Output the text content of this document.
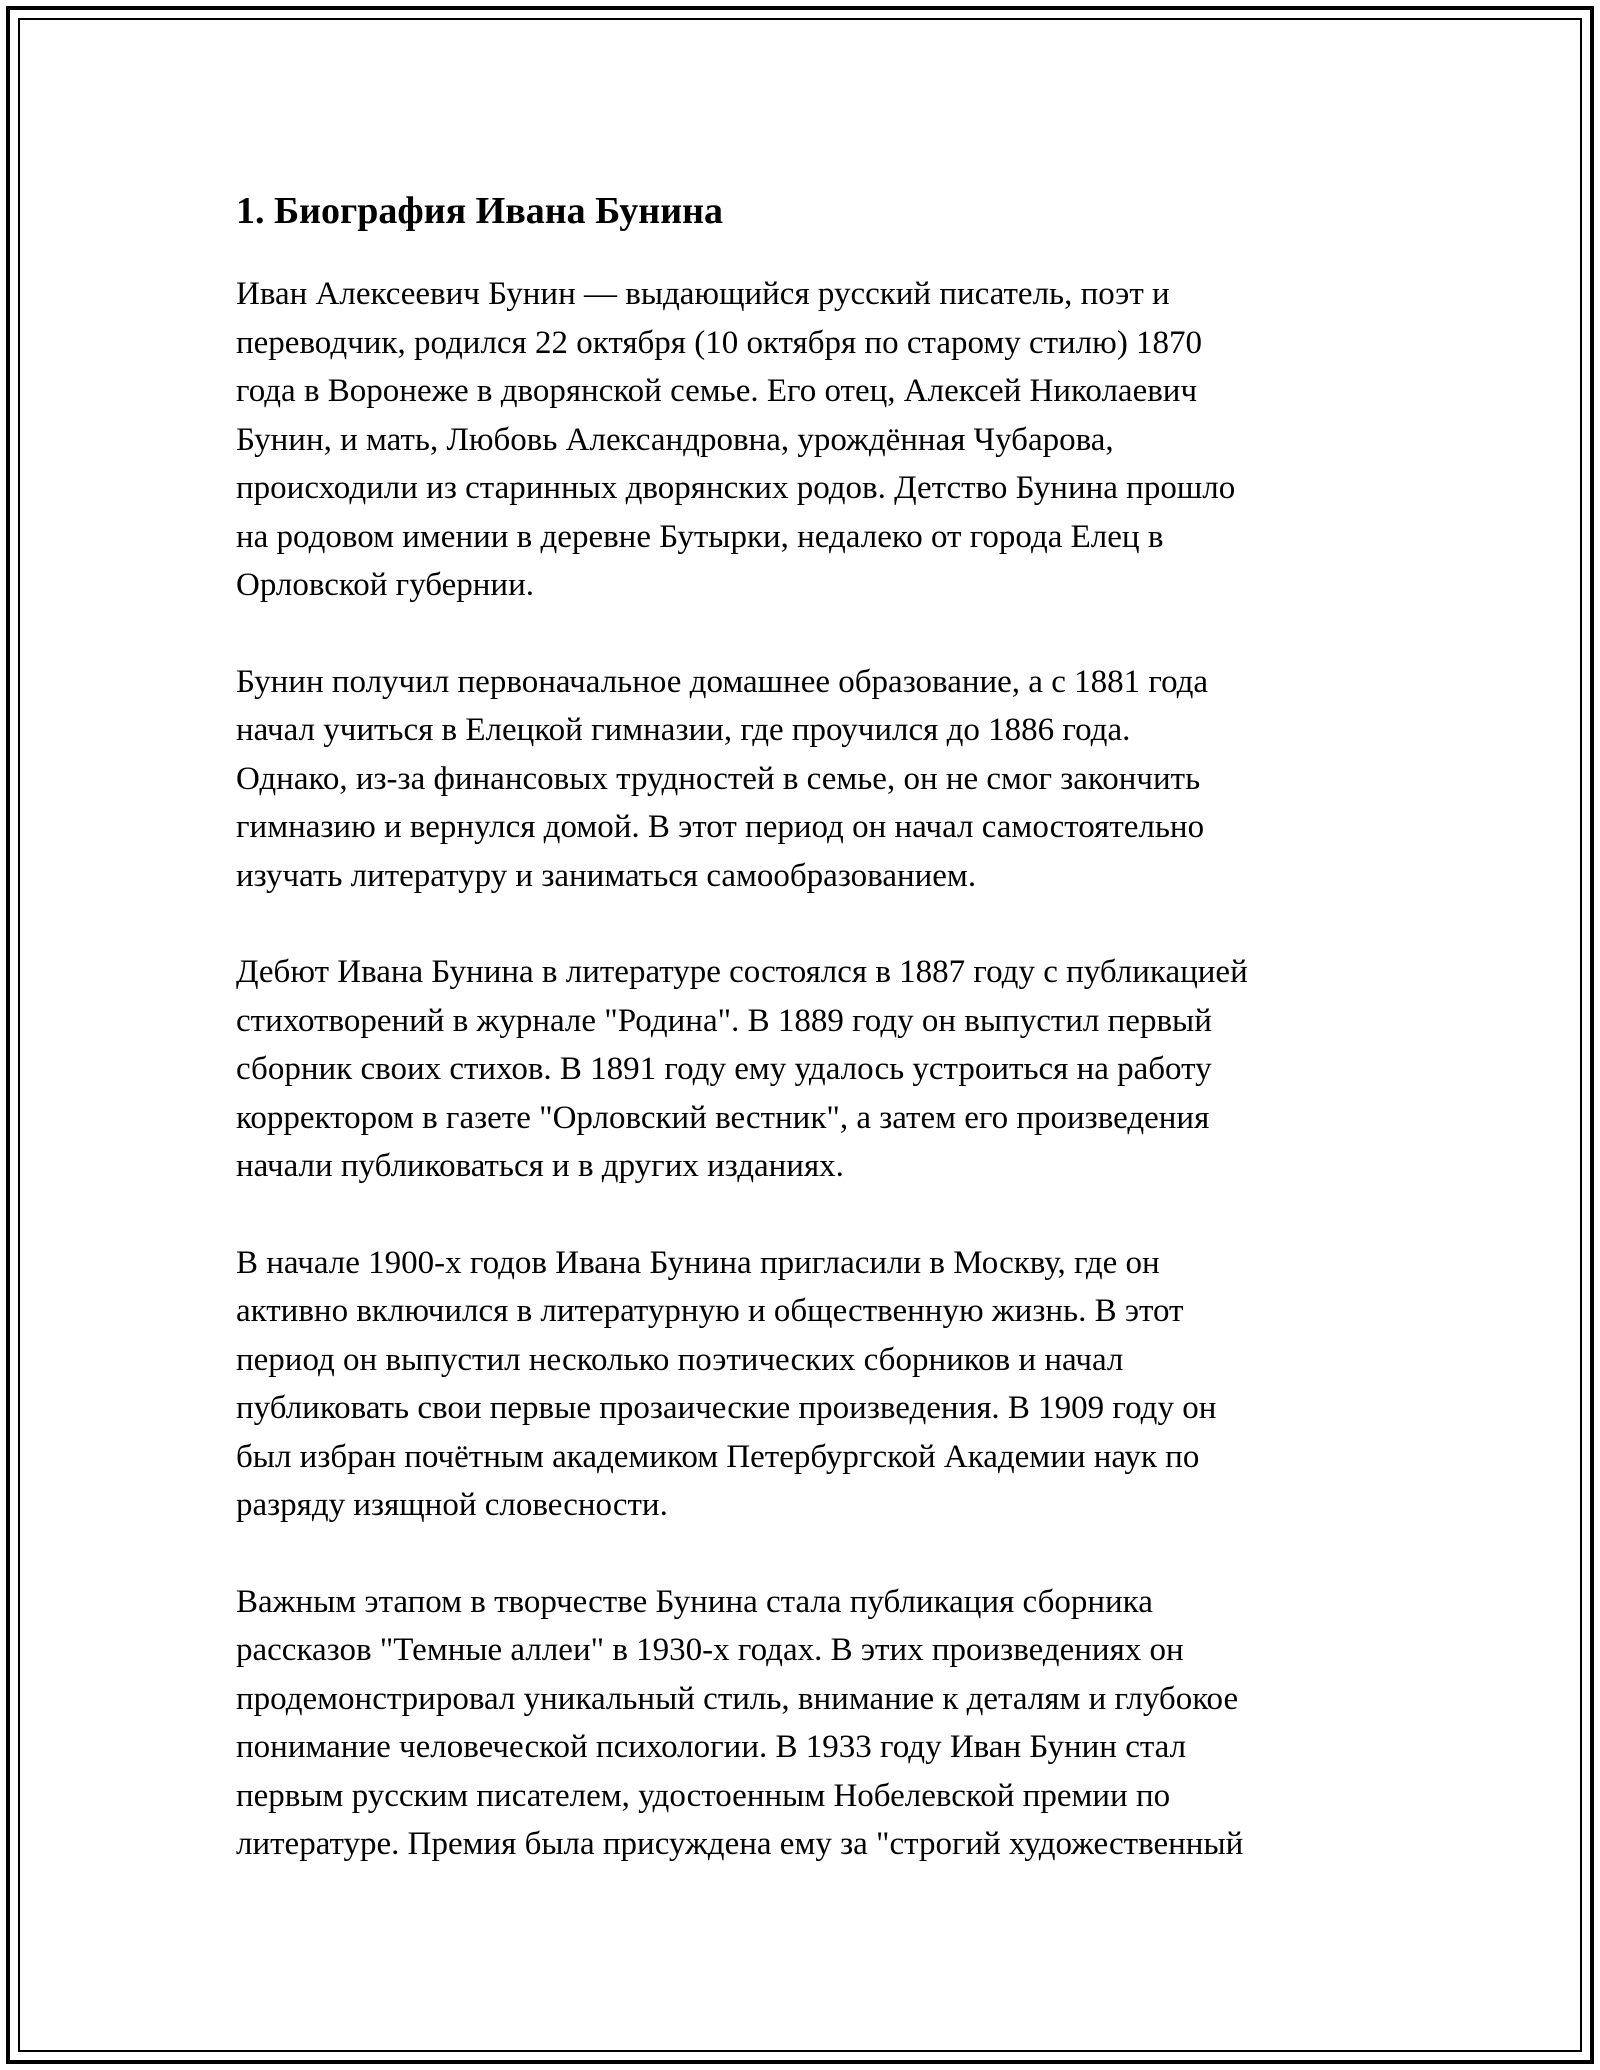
1. Биография Ивана Бунина

Иван Алексеевич Бунин — выдающийся русский писатель, поэт и
переводчик, родился 22 октября (10 октября по старому стилю) 1870
года в Воронеже в дворянской семье. Его отец, Алексей Николаевич
Бунин, и мать, Любовь Александровна, урождённая Чубарова,
происходили из старинных дворянских родов. Детство Бунина прошло
на родовом имении в деревне Бутырки, недалеко от города Елец в
Орловской губернии.

Бунин получил первоначальное домашнее образование, а с 1881 года
начал учиться в Елецкой гимназии, где проучился до 1886 года.
Однако, из-за финансовых трудностей в семье, он не смог закончить
гимназию и вернулся домой. В этот период он начал самостоятельно
изучать литературу и заниматься самообразованием.

Дебют Ивана Бунина в литературе состоялся в 1887 году с публикацией
стихотворений в журнале "Родина". В 1889 году он выпустил первый
сборник своих стихов. В 1891 году ему удалось устроиться на работу
корректором в газете "Орловский вестник", а затем его произведения
начали публиковаться и в других изданиях.

В начале 1900-х годов Ивана Бунина пригласили в Москву, где он
активно включился в литературную и общественную жизнь. В этот
период он выпустил несколько поэтических сборников и начал
публиковать свои первые прозаические произведения. В 1909 году он
был избран почётным академиком Петербургской Академии наук по
разряду изящной словесности.

Важным этапом в творчестве Бунина стала публикация сборника
рассказов "Темные аллеи" в 1930-х годах. В этих произведениях он
продемонстрировал уникальный стиль, внимание к деталям и глубокое
понимание человеческой психологии. В 1933 году Иван Бунин стал
первым русским писателем, удостоенным Нобелевской премии по
литературе. Премия была присуждена ему за "строгий художественный
